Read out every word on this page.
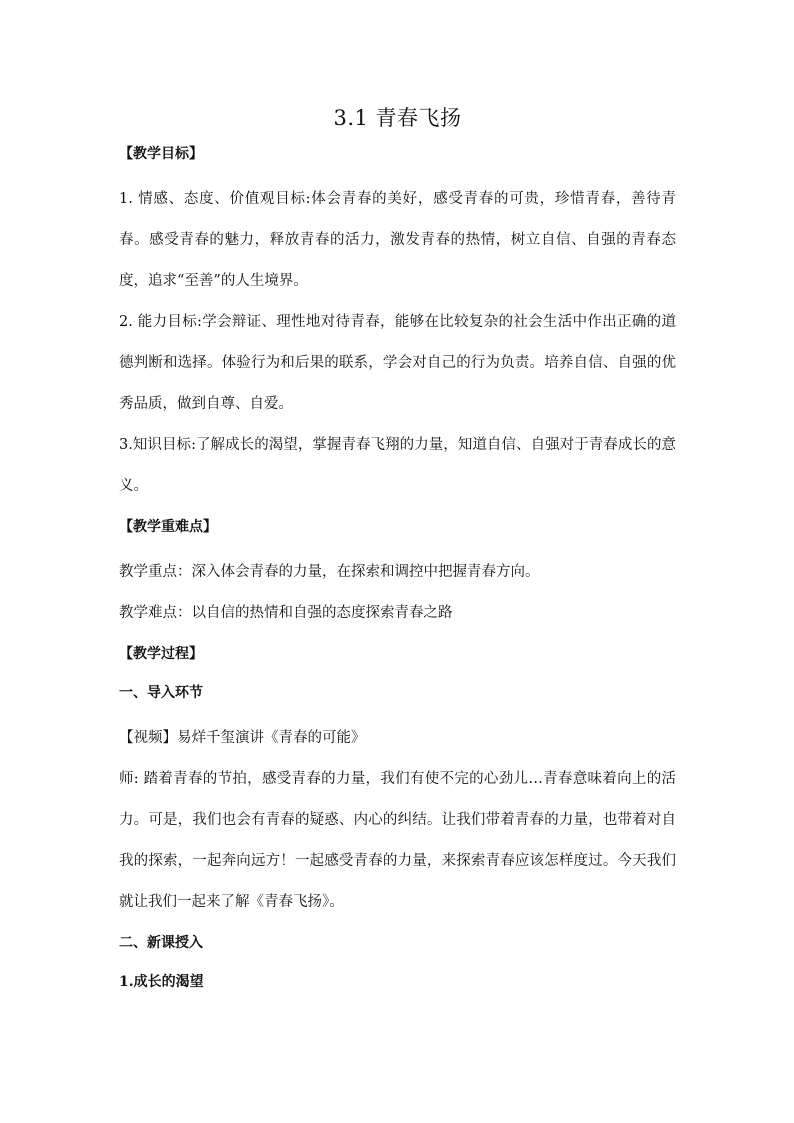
3.1 青春飞扬
【教学目标】

1. 情感、态度、价值观目标:体会青春的美好，感受青春的可贵，珍惜青春，善待青春。感受青春的魅力，释放青春的活力，激发青春的热情，树立自信、自强的青春态度，追求“至善”的人生境界。

2. 能力目标:学会辩证、理性地对待青春，能够在比较复杂的社会生活中作出正确的道德判断和选择。体验行为和后果的联系，学会对自己的行为负责。培养自信、自强的优秀品质，做到自尊、自爱。

3.知识目标:了解成长的渴望，掌握青春飞翔的力量，知道自信、自强对于青春成长的意义。

【教学重难点】

教学重点：深入体会青春的力量，在探索和调控中把握青春方向。

教学难点：以自信的热情和自强的态度探索青春之路

【教学过程】
一、导入环节

【视频】易烊千玺演讲《青春的可能》

师: 踏着青春的节拍，感受青春的力量，我们有使不完的心劲儿…青春意味着向上的活力。可是，我们也会有青春的疑惑、内心的纠结。让我们带着青春的力量，也带着对自我的探索，一起奔向远方！一起感受青春的力量，来探索青春应该怎样度过。今天我们就让我们一起来了解《青春飞扬》。

二、新课授入
1.成长的渴望
